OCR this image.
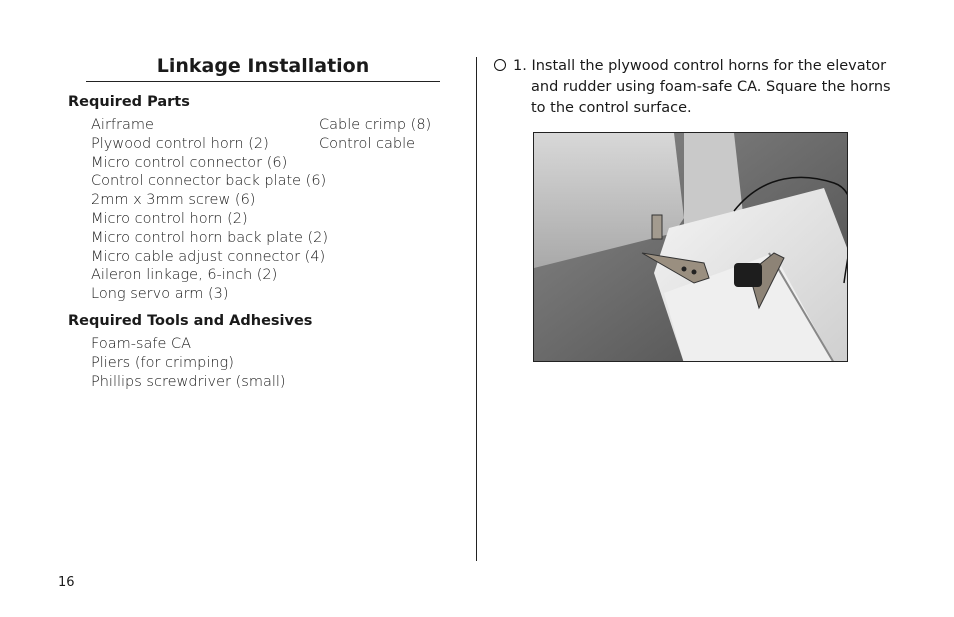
Linkage Installation
Required Parts
Airframe
Plywood control horn (2)
Micro control connector (6)
Control connector back plate (6)
2mm x 3mm screw (6)
Micro control horn (2)
Micro control horn back plate (2)
Micro cable adjust connector (4)
Aileron linkage, 6-inch (2)
Long servo arm (3)
Cable crimp (8)
Control cable
Required Tools and Adhesives
Foam-safe CA
Pliers (for crimping)
Phillips screwdriver (small)
1. Install the plywood control horns for the elevator and rudder using foam-safe CA. Square the horns to the control surface.
16
